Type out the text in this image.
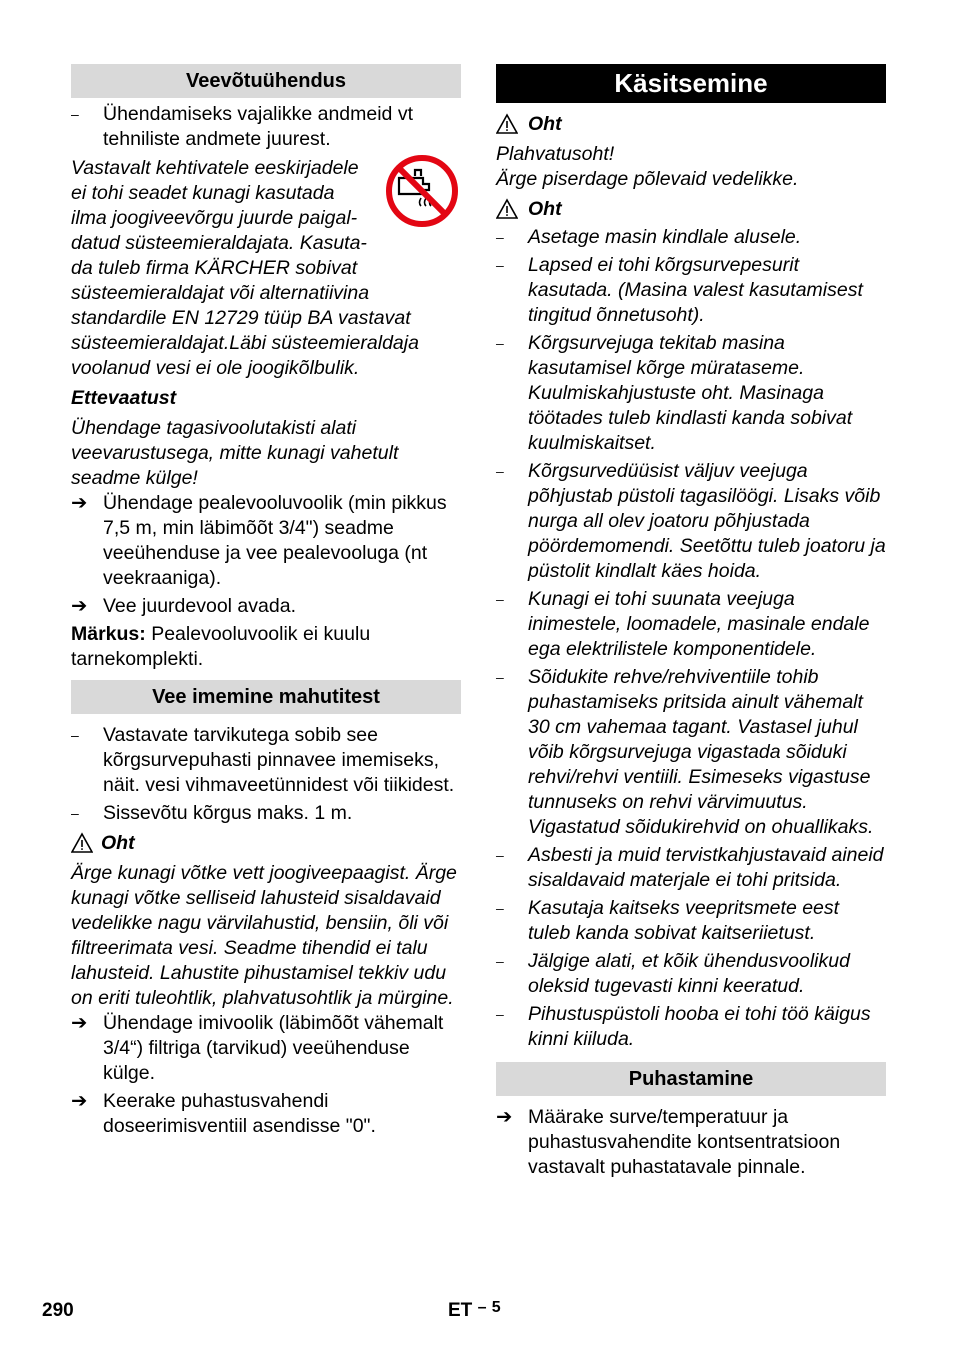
Veevõtuühendus
–	Ühendamiseks vajalikke andmeid vt tehniliste andmete juurest.

Vastavalt kehtivatele eeskirjadele

ei tohi seadet kunagi kasutada

ilma joogiveevõrgu juurde paigal-

datud süsteemieraldajata. Kasuta-

da tuleb firma KÄRCHER sobivat süsteemieraldajat või alternatiivina standardile EN 12729 tüüp BA vastavat süsteemieraldajat.Läbi süsteemieraldaja voolanud vesi ei ole joogikõlbulik.

Ettevaatust

Ühendage tagasivoolutakisti alati veevarustusega, mitte kunagi vahetult seadme külge!

➔ Ühendage pealevooluvoolik (min pikkus 7,5 m, min läbimõõt 3/4") seadme veeühenduse ja vee pealevooluga (nt veekraaniga).
➔ Vee juurdevool avada.

Märkus: Pealevooluvoolik ei kuulu tarnekomplekti.

Vee imemine mahutitest
–	Vastavate tarvikutega sobib see kõrgsurvepuhasti pinnavee imemiseks, näit. vesi vihmaveetünnidest või tiikidest.
–	Sissevõtu kõrgus maks. 1 m.
Oht

Ärge kunagi võtke vett joogiveepaagist. Ärge kunagi võtke selliseid lahusteid sisaldavaid vedelikke nagu värvilahustid, bensiin, õli või filtreerimata vesi. Seadme tihendid ei talu lahusteid. Lahustite pihustamisel tekkiv udu on eriti tuleohtlik, plahvatusohtlik ja mürgine.

➔ Ühendage imivoolik (läbimõõt vähemalt 3/4“) filtriga (tarvikud) veeühenduse külge.
➔ Keerake puhastusvahendi doseerimisventiil asendisse "0".
Käsitsemine
Oht

Plahvatusoht!

Ärge piserdage põlevaid vedelikke.

Oht
–	Asetage masin kindlale alusele.
–	Lapsed ei tohi kõrgsurvepesurit kasutada. (Masina valest kasutamisest tingitud õnnetusoht).
–	Kõrgsurvejuga tekitab masina kasutamisel kõrge müratasеme. Kuulmiskahjustuste oht. Masinaga töötades tuleb kindlasti kanda sobivat kuulmiskaitset.
–	Kõrgsurvedüüsist väljuv veejuga põhjustab püstoli tagasilöögi. Lisaks võib nurga all olev joatoru põhjustada pöördemomendi. Seetõttu tuleb joatoru ja püstolit kindlalt käes hoida.
–	Kunagi ei tohi suunata veejuga inimestele, loomadele, masinale endale ega elektrilistele komponentidele.
–	Sõidukite rehve/rehviventiile tohib puhastamiseks pritsida ainult vähemalt 30 cm vahemaa tagant. Vastasel juhul võib kõrgsurvejuga vigastada sõiduki rehvi/rehvi ventiili. Esimeseks vigastuse tunnuseks on rehvi värvimuutus. Vigastatud sõidukirehvid on ohuallikaks.
–	Asbesti ja muid tervistkahjustavaid aineid sisaldavaid materjale ei tohi pritsida.
–	Kasutaja kaitseks veepritsmete eest tuleb kanda sobivat kaitseriietust.
–	Jälgige alati, et kõik ühendusvoolikud oleksid tugevasti kinni keeratud.
–	Pihustuspüstoli hooba ei tohi töö käigus kinni kiiluda.
Puhastamine
➔ Määrake surve/temperatuur ja puhastusvahendite kontsentratsioon vastavalt puhastatavale pinnale.
290	ET – $^5$
